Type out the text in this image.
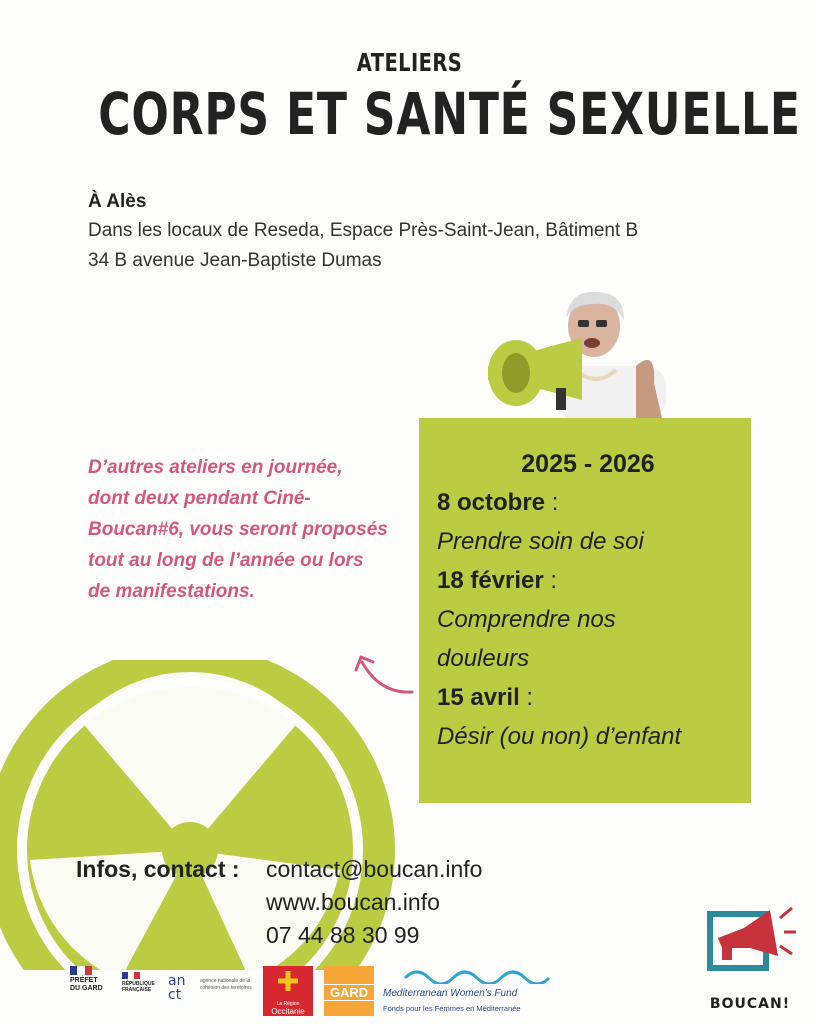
ATELIERS
CORPS ET SANTÉ SEXUELLE
À Alès
Dans les locaux de Reseda, Espace Près-Saint-Jean, Bâtiment B
34 B avenue Jean-Baptiste Dumas
D’autres ateliers en journée, dont deux pendant Ciné-Boucan#6, vous seront proposés tout au long de l’année ou lors de manifestations.
2025 - 2026
8 octobre :
Prendre soin de soi
18 février :
Comprendre nos
douleurs
15 avril :
Désir (ou non) d’enfant
Infos, contact : contact@boucan.info
www.boucan.info
07 44 88 30 99
PRÉFET
DU GARD
RÉPUBLIQUE
FRANÇAISE
an ct
agence nationale de la cohésion des territoires
La Région
Occitanie
GARD	Mediterranean Women's Fund
Fonds pour les Femmes en Méditerranée	BOUCAN!
